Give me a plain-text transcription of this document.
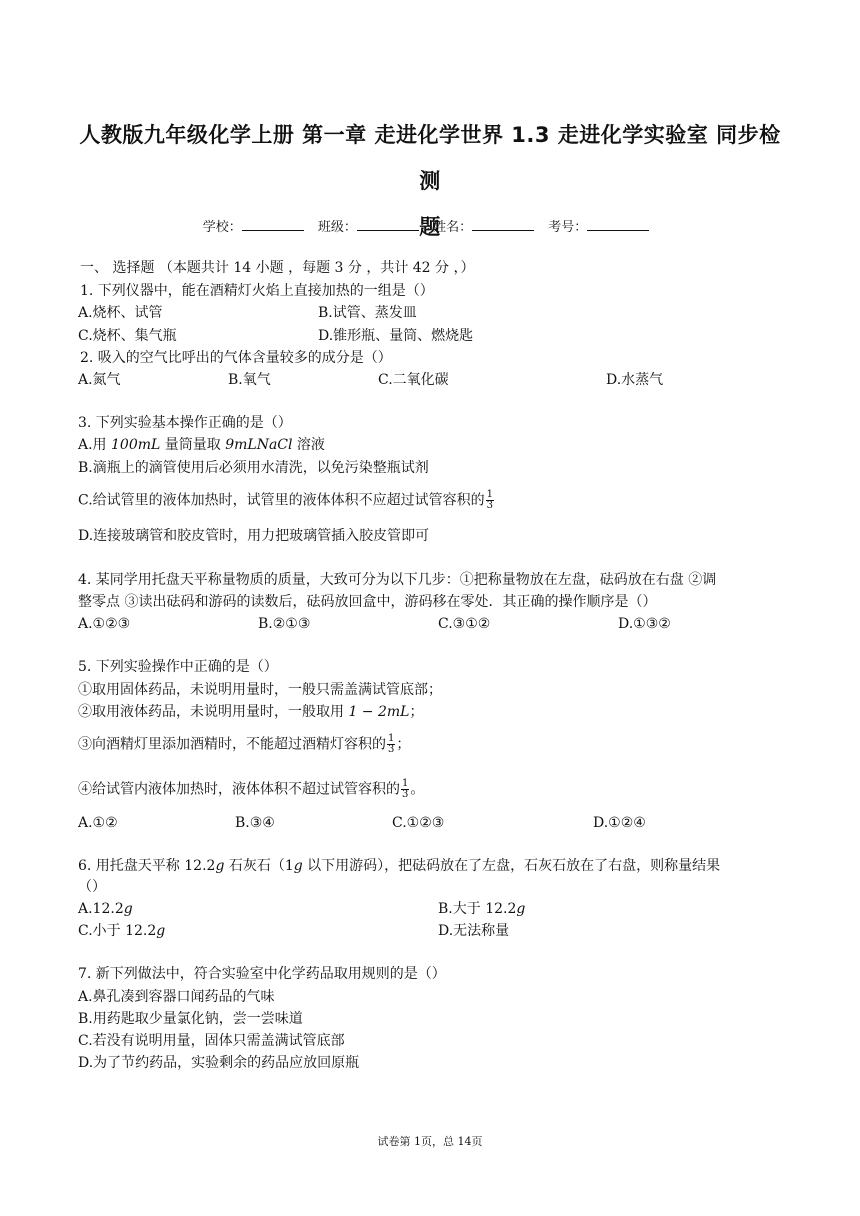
人教版九年级化学上册 第一章 走进化学世界 1.3 走进化学实验室 同步检测
题
学校：	班级：	姓名：	考号：
一、 选择题 （本题共计 14 小题 ，每题 3 分 ，共计 42 分 ，）
1. 下列仪器中，能在酒精灯火焰上直接加热的一组是（）
A.烧杯、试管	B.试管、蒸发皿
C.烧杯、集气瓶	D.锥形瓶、量筒、燃烧匙
2. 吸入的空气比呼出的气体含量较多的成分是（）
A.氮气	B.氧气	C.二氧化碳	D.水蒸气
3. 下列实验基本操作正确的是（）
A.用 100mL 量筒量取 9mLNaCl 溶液
B.滴瓶上的滴管使用后必须用水清洗，以免污染整瓶试剂
C.给试管里的液体加热时，试管里的液体体积不应超过试管容积的 $\frac{1}{3}$
D.连接玻璃管和胶皮管时，用力把玻璃管插入胶皮管即可
4. 某同学用托盘天平称量物质的质量，大致可分为以下几步：①把称量物放在左盘，砝码放在右盘 ②调
整零点 ③读出砝码和游码的读数后，砝码放回盒中，游码移在零处．其正确的操作顺序是（）
A.①②③	B.②①③	C.③①②	D.①③②
5. 下列实验操作中正确的是（）
①取用固体药品，未说明用量时，一般只需盖满试管底部；
②取用液体药品，未说明用量时，一般取用 1 − 2mL；
③向酒精灯里添加酒精时，不能超过酒精灯容积的 $\frac{1}{3}$ ；
④给试管内液体加热时，液体体积不超过试管容积的 $\frac{1}{3}$ 。
A.①②	B.③④	C.①②③	D.①②④
6. 用托盘天平称 12.2g 石灰石（1g 以下用游码），把砝码放在了左盘，石灰石放在了右盘，则称量结果
（）
A.12.2g	B.大于 12.2g
C.小于 12.2g	D.无法称量
7. 新下列做法中，符合实验室中化学药品取用规则的是（）
A.鼻孔凑到容器口闻药品的气味
B.用药匙取少量氯化钠，尝一尝味道
C.若没有说明用量，固体只需盖满试管底部
D.为了节约药品，实验剩余的药品应放回原瓶
试卷第 1页，总 14页
